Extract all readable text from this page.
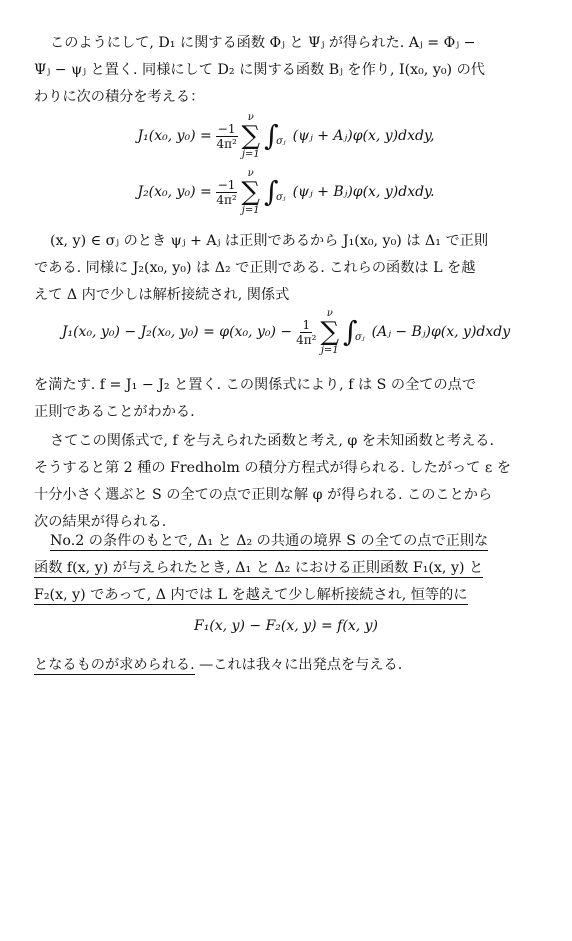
このようにして, D₁ に関する函数 Φⱼ と Ψⱼ が得られた. Aⱼ = Φⱼ −
Ψⱼ − ψⱼ と置く. 同様にして D₂ に関する函数 Bⱼ を作り, I(x₀, y₀) の代
わりに次の積分を考える：
J₁(x₀, $y_0) = \frac{-1}{\text{4π²}}$
ν
∑
j=1
∫
σⱼ (ψⱼ + Aⱼ)φ(x, y)dxdy,
J₂(x₀, $y_0) = \frac{-1}{\text{4π²}}$
ν
∑
j=1
∫
σⱼ (ψⱼ + Bⱼ)φ(x, y)dxdy.
(x, y) ∈ σⱼ のとき ψⱼ + Aⱼ は正則であるから J₁(x₀, y₀) は Δ₁ で正則
である. 同様に J₂(x₀, y₀) は Δ₂ で正則である. これらの函数は L を越
えて Δ 内で少しは解析接続され, 関係式
J₁(x₀, y₀) − J₂(x₀, y₀) = φ(x₀, $y_0) - \frac{1}{\text{4π²}}$
ν
∑
j=1
∫
σⱼ (Aⱼ − Bⱼ)φ(x, y)dxdy
を満たす. f = J₁ − J₂ と置く. この関係式により, f は S の全ての点で
正則であることがわかる.
さてこの関係式で, f を与えられた函数と考え, φ を未知函数と考える.
そうすると第 2 種の Fredholm の積分方程式が得られる. したがって ε を
十分小さく選ぶと S の全ての点で正則な解 φ が得られる. このことから
次の結果が得られる.
No.2 の条件のもとで, Δ₁ と Δ₂ の共通の境界 S の全ての点で正則な
函数 f(x, y) が与えられたとき, Δ₁ と Δ₂ における正則函数 F₁(x, y) と
F₂(x, y) であって, Δ 内では L を越えて少し解析接続され, 恒等的に
F₁(x, y) − F₂(x, y) = f(x, y)
となるものが求められる. —これは我々に出発点を与える.
